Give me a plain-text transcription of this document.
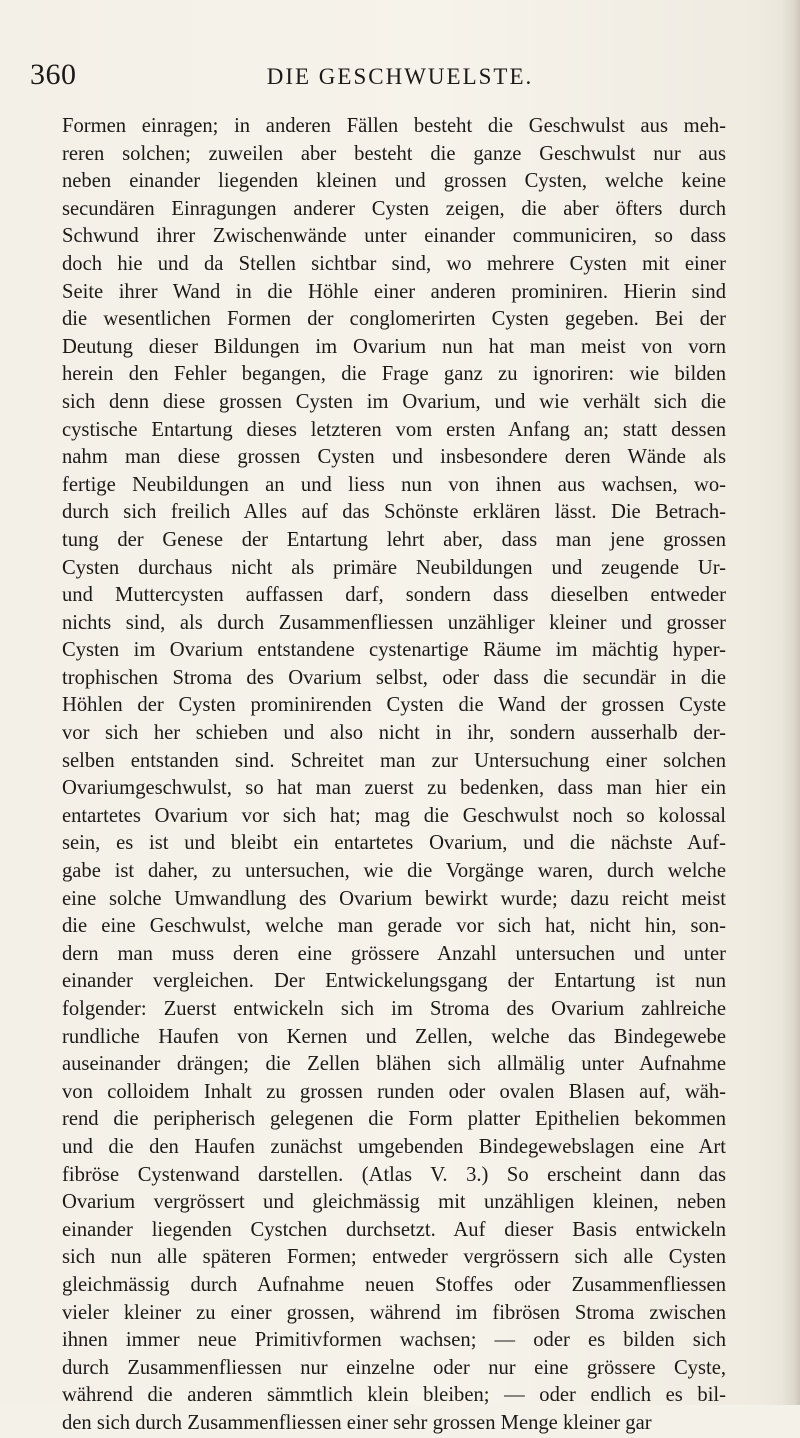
360	DIE GESCHWUELSTE.
Formen einragen; in anderen Fällen besteht die Geschwulst aus meh-
reren solchen; zuweilen aber besteht die ganze Geschwulst nur aus
neben einander liegenden kleinen und grossen Cysten, welche keine
secundären Einragungen anderer Cysten zeigen, die aber öfters durch
Schwund ihrer Zwischenwände unter einander communiciren, so dass
doch hie und da Stellen sichtbar sind, wo mehrere Cysten mit einer
Seite ihrer Wand in die Höhle einer anderen prominiren. Hierin sind
die wesentlichen Formen der conglomerirten Cysten gegeben. Bei der
Deutung dieser Bildungen im Ovarium nun hat man meist von vorn
herein den Fehler begangen, die Frage ganz zu ignoriren: wie bilden
sich denn diese grossen Cysten im Ovarium, und wie verhält sich die
cystische Entartung dieses letzteren vom ersten Anfang an; statt dessen
nahm man diese grossen Cysten und insbesondere deren Wände als
fertige Neubildungen an und liess nun von ihnen aus wachsen, wo-
durch sich freilich Alles auf das Schönste erklären lässt. Die Betrach-
tung der Genese der Entartung lehrt aber, dass man jene grossen
Cysten durchaus nicht als primäre Neubildungen und zeugende Ur-
und Muttercysten auffassen darf, sondern dass dieselben entweder
nichts sind, als durch Zusammenfliessen unzähliger kleiner und grosser
Cysten im Ovarium entstandene cystenartige Räume im mächtig hyper-
trophischen Stroma des Ovarium selbst, oder dass die secundär in die
Höhlen der Cysten prominirenden Cysten die Wand der grossen Cyste
vor sich her schieben und also nicht in ihr, sondern ausserhalb der-
selben entstanden sind. Schreitet man zur Untersuchung einer solchen
Ovariumgeschwulst, so hat man zuerst zu bedenken, dass man hier ein
entartetes Ovarium vor sich hat; mag die Geschwulst noch so kolossal
sein, es ist und bleibt ein entartetes Ovarium, und die nächste Auf-
gabe ist daher, zu untersuchen, wie die Vorgänge waren, durch welche
eine solche Umwandlung des Ovarium bewirkt wurde; dazu reicht meist
die eine Geschwulst, welche man gerade vor sich hat, nicht hin, son-
dern man muss deren eine grössere Anzahl untersuchen und unter
einander vergleichen. Der Entwickelungsgang der Entartung ist nun
folgender: Zuerst entwickeln sich im Stroma des Ovarium zahlreiche
rundliche Haufen von Kernen und Zellen, welche das Bindegewebe
auseinander drängen; die Zellen blähen sich allmälig unter Aufnahme
von colloidem Inhalt zu grossen runden oder ovalen Blasen auf, wäh-
rend die peripherisch gelegenen die Form platter Epithelien bekommen
und die den Haufen zunächst umgebenden Bindegewebslagen eine Art
fibröse Cystenwand darstellen. (Atlas V. 3.) So erscheint dann das
Ovarium vergrössert und gleichmässig mit unzähligen kleinen, neben
einander liegenden Cystchen durchsetzt. Auf dieser Basis entwickeln
sich nun alle späteren Formen; entweder vergrössern sich alle Cysten
gleichmässig durch Aufnahme neuen Stoffes oder Zusammenfliessen
vieler kleiner zu einer grossen, während im fibrösen Stroma zwischen
ihnen immer neue Primitivformen wachsen; — oder es bilden sich
durch Zusammenfliessen nur einzelne oder nur eine grössere Cyste,
während die anderen sämmtlich klein bleiben; — oder endlich es bil-
den sich durch Zusammenfliessen einer sehr grossen Menge kleiner gar
